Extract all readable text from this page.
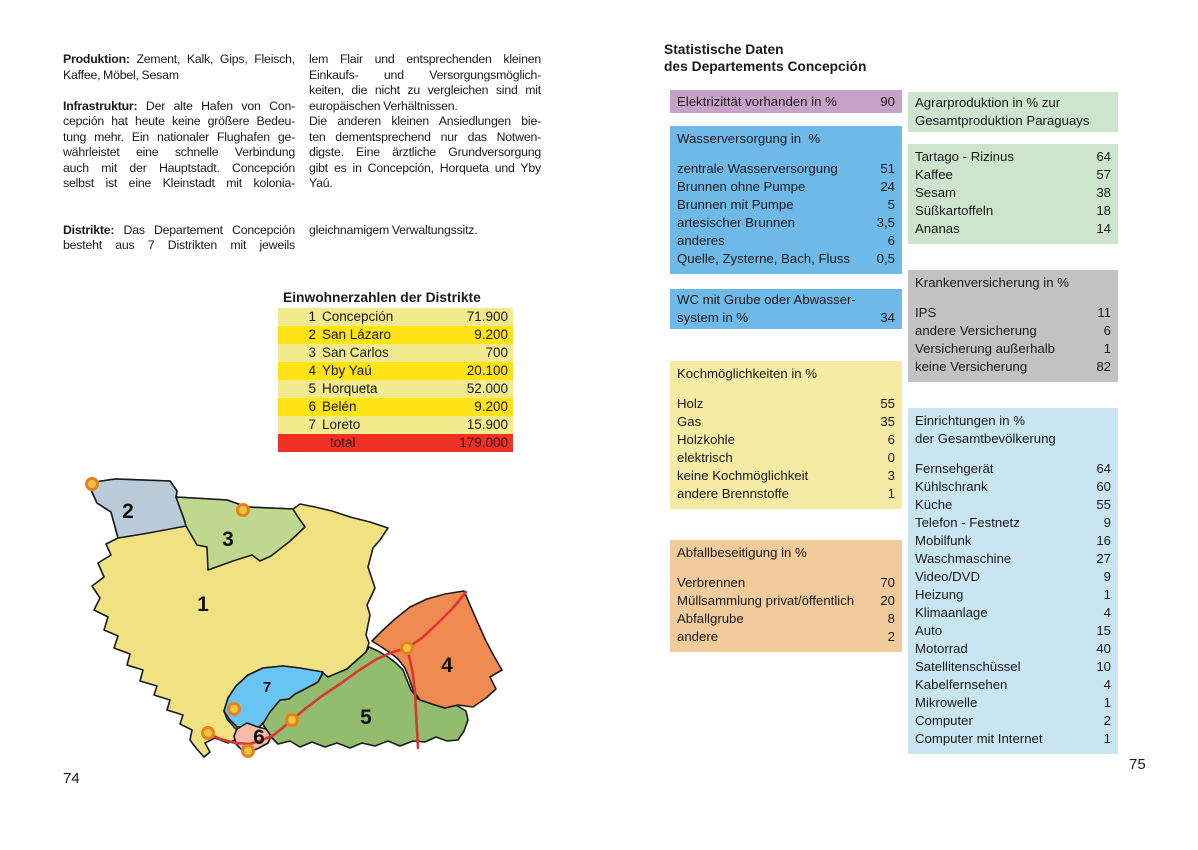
Produktion: Zement, Kalk, Gips, Fleisch,
Kaffee, Möbel, Sesam
Infrastruktur: Der alte Hafen von Con-
cepción hat heute keine größere Bedeu-
tung mehr. Ein nationaler Flughafen ge-
währleistet eine schnelle Verbindung
auch mit der Hauptstadt. Concepción
selbst ist eine Kleinstadt mit kolonia-
Distrikte: Das Departement Concepción
besteht aus 7 Distrikten mit jeweils
lem Flair und entsprechenden kleinen
Einkaufs- und Versorgungsmöglich-
keiten, die nicht zu vergleichen sind mit
europäischen Verhältnissen.
Die anderen kleinen Ansiedlungen bie-
ten dementsprechend nur das Notwen-
digste. Eine ärztliche Grundversorgung
gibt es in Concepción, Horqueta und Yby
Yaú.
gleichnamigem Verwaltungssitz.
Einwohnerzahlen der Distrikte
1 Concepción	71.900
2 San Lázaro	9.200
3 San Carlos	700
4 Yby Yaú	20.100
5 Horqueta	52.000
6 Belén	9.200
7 Loreto	15.900
total	179.000
1
2
3
4
5
6
7
74
Statistische Daten
des Departements Concepción
Elektrizittät vorhanden in %	90
Wasserversorgung in  %
zentrale Wasserversorgung	51
Brunnen ohne Pumpe	24
Brunnen mit Pumpe	5
artesischer Brunnen	3,5
anderes	6
Quelle, Zysterne, Bach, Fluss 0,5
WC mit Grube oder Abwasser-
system in %	34
Kochmöglichkeiten in %
Holz	55
Gas	35
Holzkohle	6
elektrisch	0
keine Kochmöglichkeit	3
andere Brennstoffe	1
Abfallbeseitigung in %
Verbrennen	70
Müllsammlung privat/öffentlich 20
Abfallgrube	8
andere	2
Agrarproduktion in % zur
Gesamtproduktion Paraguays
Tartago - Rizinus	64
Kaffee	57
Sesam	38
Süßkartoffeln	18
Ananas	14
Krankenversicherung in %
IPS	11
andere Versicherung	6
Versicherung außerhalb	1
keine Versicherung	82
Einrichtungen in %
der Gesamtbevölkerung
Fernsehgerät	64
Kühlschrank	60
Küche	55
Telefon - Festnetz	9
Mobilfunk	16
Waschmaschine	27
Video/DVD	9
Heizung	1
Klimaanlage	4
Auto	15
Motorrad	40
Satellitenschüssel	10
Kabelfernsehen	4
Mikrowelle	1
Computer	2
Computer mit Internet	1
75
